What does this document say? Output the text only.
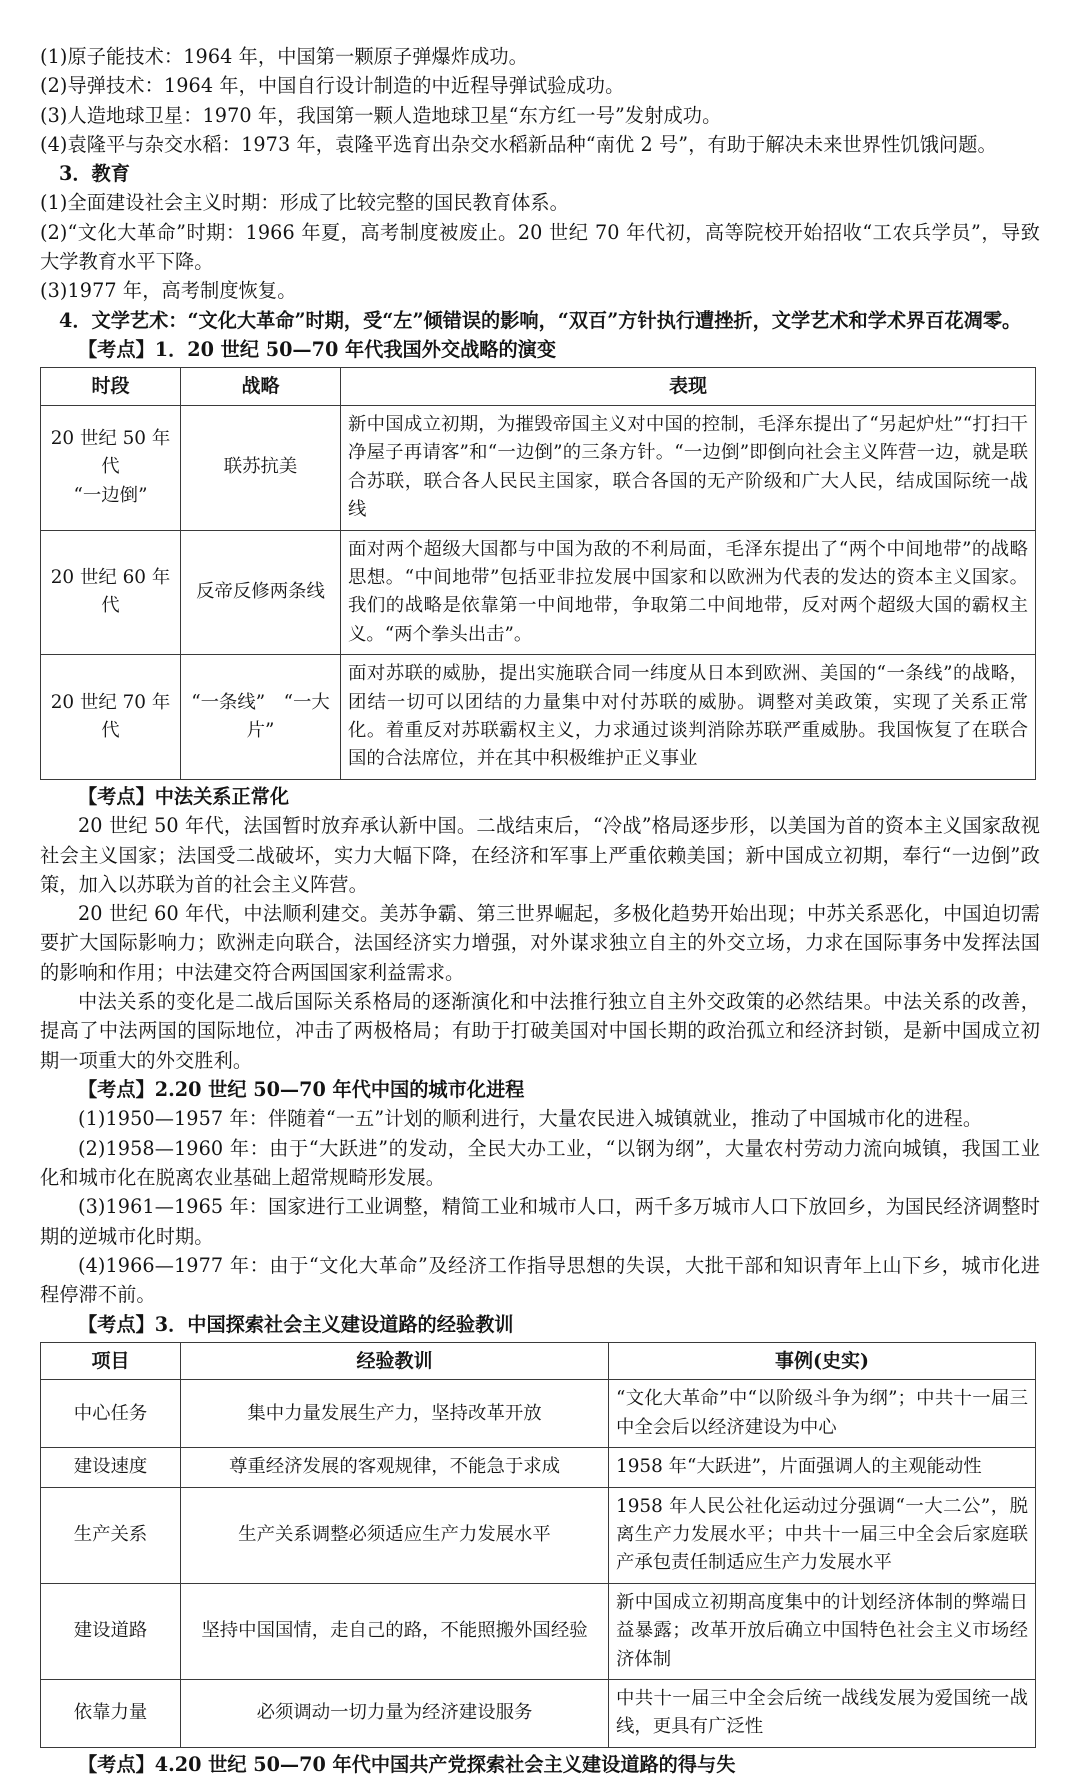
(1)原子能技术：1964 年，中国第一颗原子弹爆炸成功。

(2)导弹技术：1964 年，中国自行设计制造的中近程导弹试验成功。

(3)人造地球卫星：1970 年，我国第一颗人造地球卫星“东方红一号”发射成功。

(4)袁隆平与杂交水稻：1973 年，袁隆平选育出杂交水稻新品种“南优 2 号”，有助于解决未来世界性饥饿问题。

3．教育

(1)全面建设社会主义时期：形成了比较完整的国民教育体系。

(2)“文化大革命”时期：1966 年夏，高考制度被废止。20 世纪 70 年代初，高等院校开始招收“工农兵学员”，导致大学教育水平下降。

(3)1977 年，高考制度恢复。

4．文学艺术：“文化大革命”时期，受“左”倾错误的影响，“双百”方针执行遭挫折，文学艺术和学术界百花凋零。

【考点】1．20 世纪 50—70 年代我国外交战略的演变

时段	战略	表现
20 世纪 50 年代
“一边倒”	联苏抗美	新中国成立初期，为摧毁帝国主义对中国的控制，毛泽东提出了“另起炉灶”“打扫干净屋子再请客”和“一边倒”的三条方针。“一边倒”即倒向社会主义阵营一边，就是联合苏联，联合各人民民主国家，联合各国的无产阶级和广大人民，结成国际统一战线
20 世纪 60 年代	反帝反修两条线	面对两个超级大国都与中国为敌的不利局面，毛泽东提出了“两个中间地带”的战略思想。“中间地带”包括亚非拉发展中国家和以欧洲为代表的发达的资本主义国家。我们的战略是依靠第一中间地带，争取第二中间地带，反对两个超级大国的霸权主义。“两个拳头出击”。
20 世纪 70 年代	“一条线”　“一大片”	面对苏联的威胁，提出实施联合同一纬度从日本到欧洲、美国的“一条线”的战略，团结一切可以团结的力量集中对付苏联的威胁。调整对美政策，实现了关系正常化。着重反对苏联霸权主义，力求通过谈判消除苏联严重威胁。我国恢复了在联合国的合法席位，并在其中积极维护正义事业

【考点】中法关系正常化

20 世纪 50 年代，法国暂时放弃承认新中国。二战结束后，“冷战”格局逐步形，以美国为首的资本主义国家敌视社会主义国家；法国受二战破坏，实力大幅下降，在经济和军事上严重依赖美国；新中国成立初期，奉行“一边倒”政策，加入以苏联为首的社会主义阵营。

20 世纪 60 年代，中法顺利建交。美苏争霸、第三世界崛起，多极化趋势开始出现；中苏关系恶化，中国迫切需要扩大国际影响力；欧洲走向联合，法国经济实力增强，对外谋求独立自主的外交立场，力求在国际事务中发挥法国的影响和作用；中法建交符合两国国家利益需求。

中法关系的变化是二战后国际关系格局的逐渐演化和中法推行独立自主外交政策的必然结果。中法关系的改善，提高了中法两国的国际地位，冲击了两极格局；有助于打破美国对中国长期的政治孤立和经济封锁，是新中国成立初期一项重大的外交胜利。

【考点】2.20 世纪 50—70 年代中国的城市化进程

(1)1950—1957 年：伴随着“一五”计划的顺利进行，大量农民进入城镇就业，推动了中国城市化的进程。

(2)1958—1960 年：由于“大跃进”的发动，全民大办工业，“以钢为纲”，大量农村劳动力流向城镇，我国工业化和城市化在脱离农业基础上超常规畸形发展。

(3)1961—1965 年：国家进行工业调整，精简工业和城市人口，两千多万城市人口下放回乡，为国民经济调整时期的逆城市化时期。

(4)1966—1977 年：由于“文化大革命”及经济工作指导思想的失误，大批干部和知识青年上山下乡，城市化进程停滞不前。

【考点】3．中国探索社会主义建设道路的经验教训

项目	经验教训	事例(史实)
中心任务	集中力量发展生产力，坚持改革开放	“文化大革命”中“以阶级斗争为纲”；中共十一届三中全会后以经济建设为中心
建设速度	尊重经济发展的客观规律，不能急于求成	1958 年“大跃进”，片面强调人的主观能动性
生产关系	生产关系调整必须适应生产力发展水平	1958 年人民公社化运动过分强调“一大二公”，脱离生产力发展水平；中共十一届三中全会后家庭联产承包责任制适应生产力发展水平
建设道路	坚持中国国情，走自己的路，不能照搬外国经验	新中国成立初期高度集中的计划经济体制的弊端日益暴露；改革开放后确立中国特色社会主义市场经济体制
依靠力量	必须调动一切力量为经济建设服务	中共十一届三中全会后统一战线发展为爱国统一战线，更具有广泛性

【考点】4.20 世纪 50—70 年代中国共产党探索社会主义建设道路的得与失
